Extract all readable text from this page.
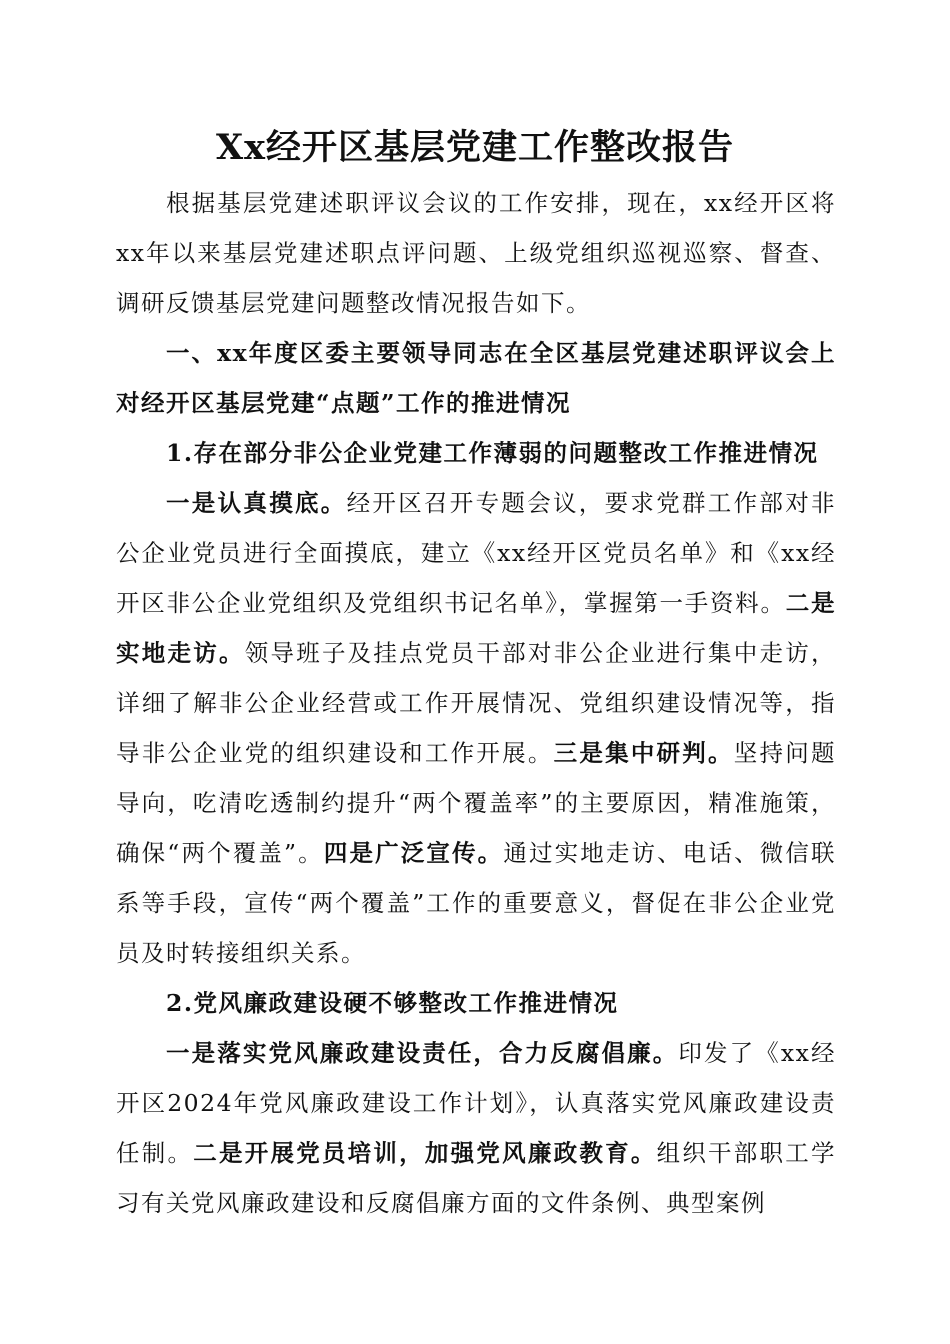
Xx经开区基层党建工作整改报告

根据基层党建述职评议会议的工作安排，现在，xx经开区将xx年以来基层党建述职点评问题、上级党组织巡视巡察、督查、调研反馈基层党建问题整改情况报告如下。

一、xx年度区委主要领导同志在全区基层党建述职评议会上对经开区基层党建“点题”工作的推进情况

1.存在部分非公企业党建工作薄弱的问题整改工作推进情况

一是认真摸底。经开区召开专题会议，要求党群工作部对非公企业党员进行全面摸底，建立《xx经开区党员名单》和《xx经开区非公企业党组织及党组织书记名单》，掌握第一手资料。二是实地走访。领导班子及挂点党员干部对非公企业进行集中走访，详细了解非公企业经营或工作开展情况、党组织建设情况等，指导非公企业党的组织建设和工作开展。三是集中研判。坚持问题导向，吃清吃透制约提升“两个覆盖率”的主要原因，精准施策，确保“两个覆盖”。四是广泛宣传。通过实地走访、电话、微信联系等手段，宣传“两个覆盖”工作的重要意义，督促在非公企业党员及时转接组织关系。

2.党风廉政建设硬不够整改工作推进情况

一是落实党风廉政建设责任，合力反腐倡廉。印发了《xx经开区2024年党风廉政建设工作计划》，认真落实党风廉政建设责任制。二是开展党员培训，加强党风廉政教育。组织干部职工学习有关党风廉政建设和反腐倡廉方面的文件条例、典型案例
